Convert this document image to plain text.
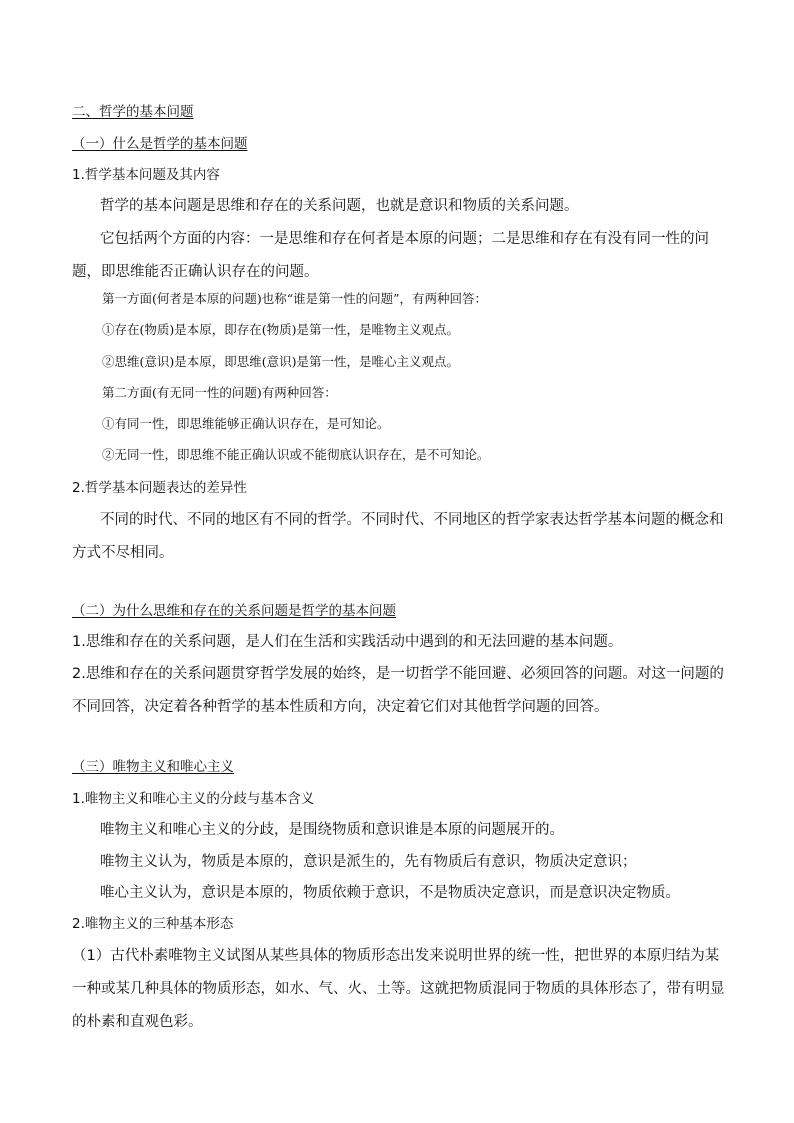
二、哲学的基本问题

（一）什么是哲学的基本问题

1.哲学基本问题及其内容

哲学的基本问题是思维和存在的关系问题，也就是意识和物质的关系问题。

它包括两个方面的内容：一是思维和存在何者是本原的问题；二是思维和存在有没有同一性的问题，即思维能否正确认识存在的问题。

第一方面(何者是本原的问题)也称“谁是第一性的问题”，有两种回答：

①存在(物质)是本原，即存在(物质)是第一性，是唯物主义观点。

②思维(意识)是本原，即思维(意识)是第一性，是唯心主义观点。

第二方面(有无同一性的问题)有两种回答：

①有同一性，即思维能够正确认识存在，是可知论。

②无同一性，即思维不能正确认识或不能彻底认识存在，是不可知论。

2.哲学基本问题表达的差异性

不同的时代、不同的地区有不同的哲学。不同时代、不同地区的哲学家表达哲学基本问题的概念和方式不尽相同。

（二）为什么思维和存在的关系问题是哲学的基本问题

1.思维和存在的关系问题，是人们在生活和实践活动中遇到的和无法回避的基本问题。

2.思维和存在的关系问题贯穿哲学发展的始终，是一切哲学不能回避、必须回答的问题。对这一问题的不同回答，决定着各种哲学的基本性质和方向，决定着它们对其他哲学问题的回答。

（三）唯物主义和唯心主义

1.唯物主义和唯心主义的分歧与基本含义

唯物主义和唯心主义的分歧，是围绕物质和意识谁是本原的问题展开的。

唯物主义认为，物质是本原的，意识是派生的，先有物质后有意识，物质决定意识；

唯心主义认为，意识是本原的，物质依赖于意识，不是物质决定意识，而是意识决定物质。

2.唯物主义的三种基本形态

（1）古代朴素唯物主义试图从某些具体的物质形态出发来说明世界的统一性，把世界的本原归结为某一种或某几种具体的物质形态，如水、气、火、土等。这就把物质混同于物质的具体形态了，带有明显的朴素和直观色彩。
